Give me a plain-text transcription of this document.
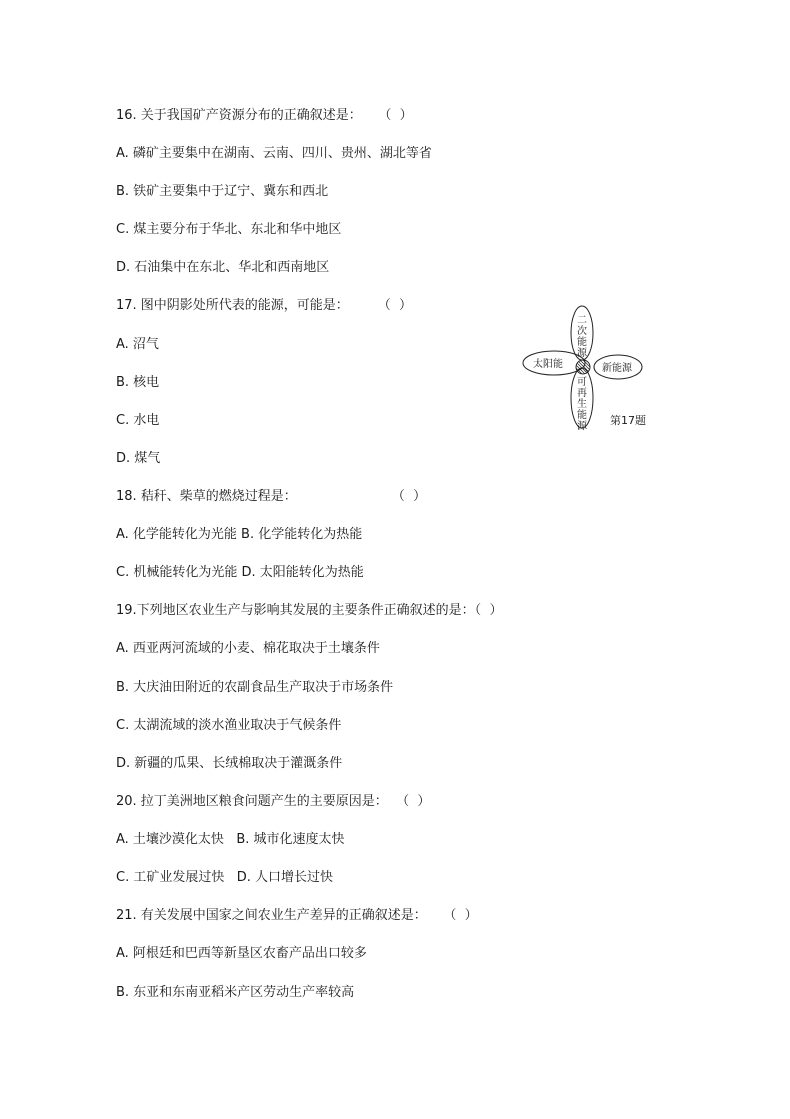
16. 关于我国矿产资源分布的正确叙述是：    （  ）
A. 磷矿主要集中在湖南、云南、四川、贵州、湖北等省
B. 铁矿主要集中于辽宁、冀东和西北
C. 煤主要分布于华北、东北和华中地区
D. 石油集中在东北、华北和西南地区
17. 图中阴影处所代表的能源，可能是：       （  ）
A. 沼气
B. 核电
C. 水电
D. 煤气
二
次
能
源
可
再
生
能
源
太阳能	新能源
第17题
18. 秸秆、柴草的燃烧过程是：                       （  ）
A. 化学能转化为光能 B. 化学能转化为热能
C. 机械能转化为光能 D. 太阳能转化为热能
19.下列地区农业生产与影响其发展的主要条件正确叙述的是：（  ）
A. 西亚两河流域的小麦、棉花取决于土壤条件
B. 大庆油田附近的农副食品生产取决于市场条件
C. 太湖流域的淡水渔业取决于气候条件
D. 新疆的瓜果、长绒棉取决于灌溉条件
20. 拉丁美洲地区粮食问题产生的主要原因是：  （  ）
A. 土壤沙漠化太快   B. 城市化速度太快
C. 工矿业发展过快   D. 人口增长过快
21. 有关发展中国家之间农业生产差异的正确叙述是：    （  ）
A. 阿根廷和巴西等新垦区农畜产品出口较多
B. 东亚和东南亚稻米产区劳动生产率较高
